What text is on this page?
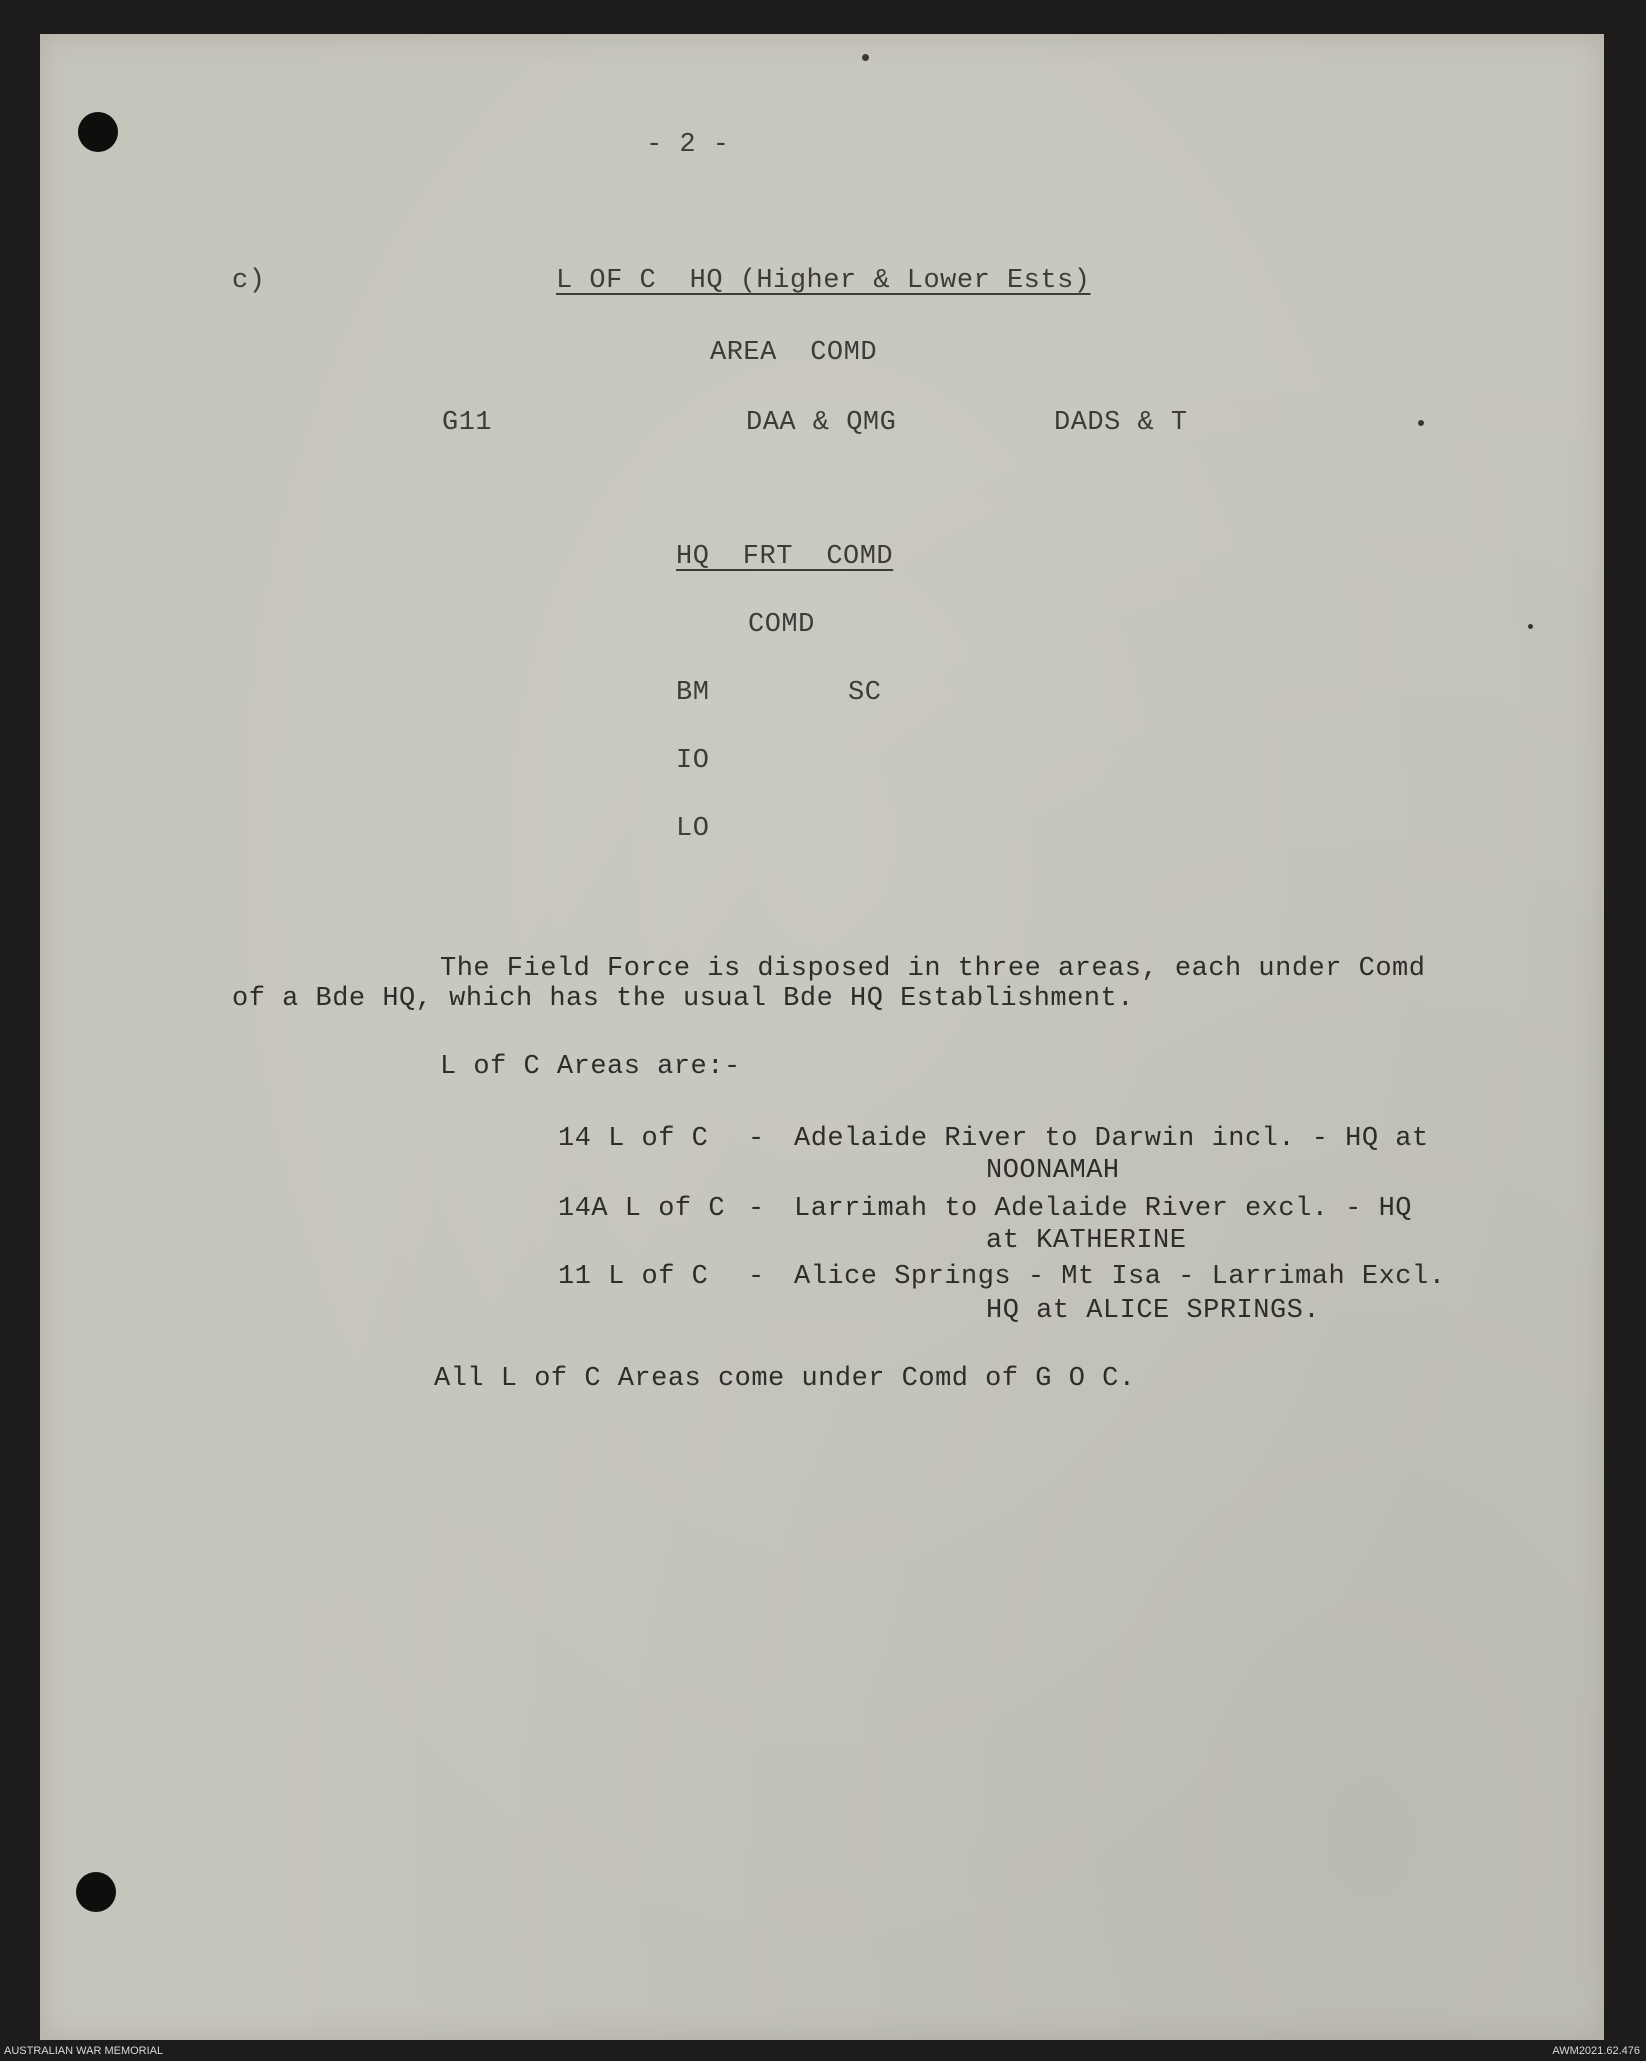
- 2 -

c)	L OF C  HQ (Higher & Lower Ests)

AREA  COMD

G11	DAA & QMG	DADS & T

HQ  FRT  COMD

COMD

BM	SC

IO

LO

The Field Force is disposed in three areas, each under Comd

of a Bde HQ, which has the usual Bde HQ Establishment.

L of C Areas are:-

14 L of C - Adelaide River to Darwin incl. - HQ at

NOONAMAH

14A L of C - Larrimah to Adelaide River excl. - HQ

at KATHERINE

11 L of C - Alice Springs - Mt Isa - Larrimah Excl.

HQ at ALICE SPRINGS.

All L of C Areas come under Comd of G O C.

AUSTRALIAN WAR MEMORIAL	AWM2021.62.476
